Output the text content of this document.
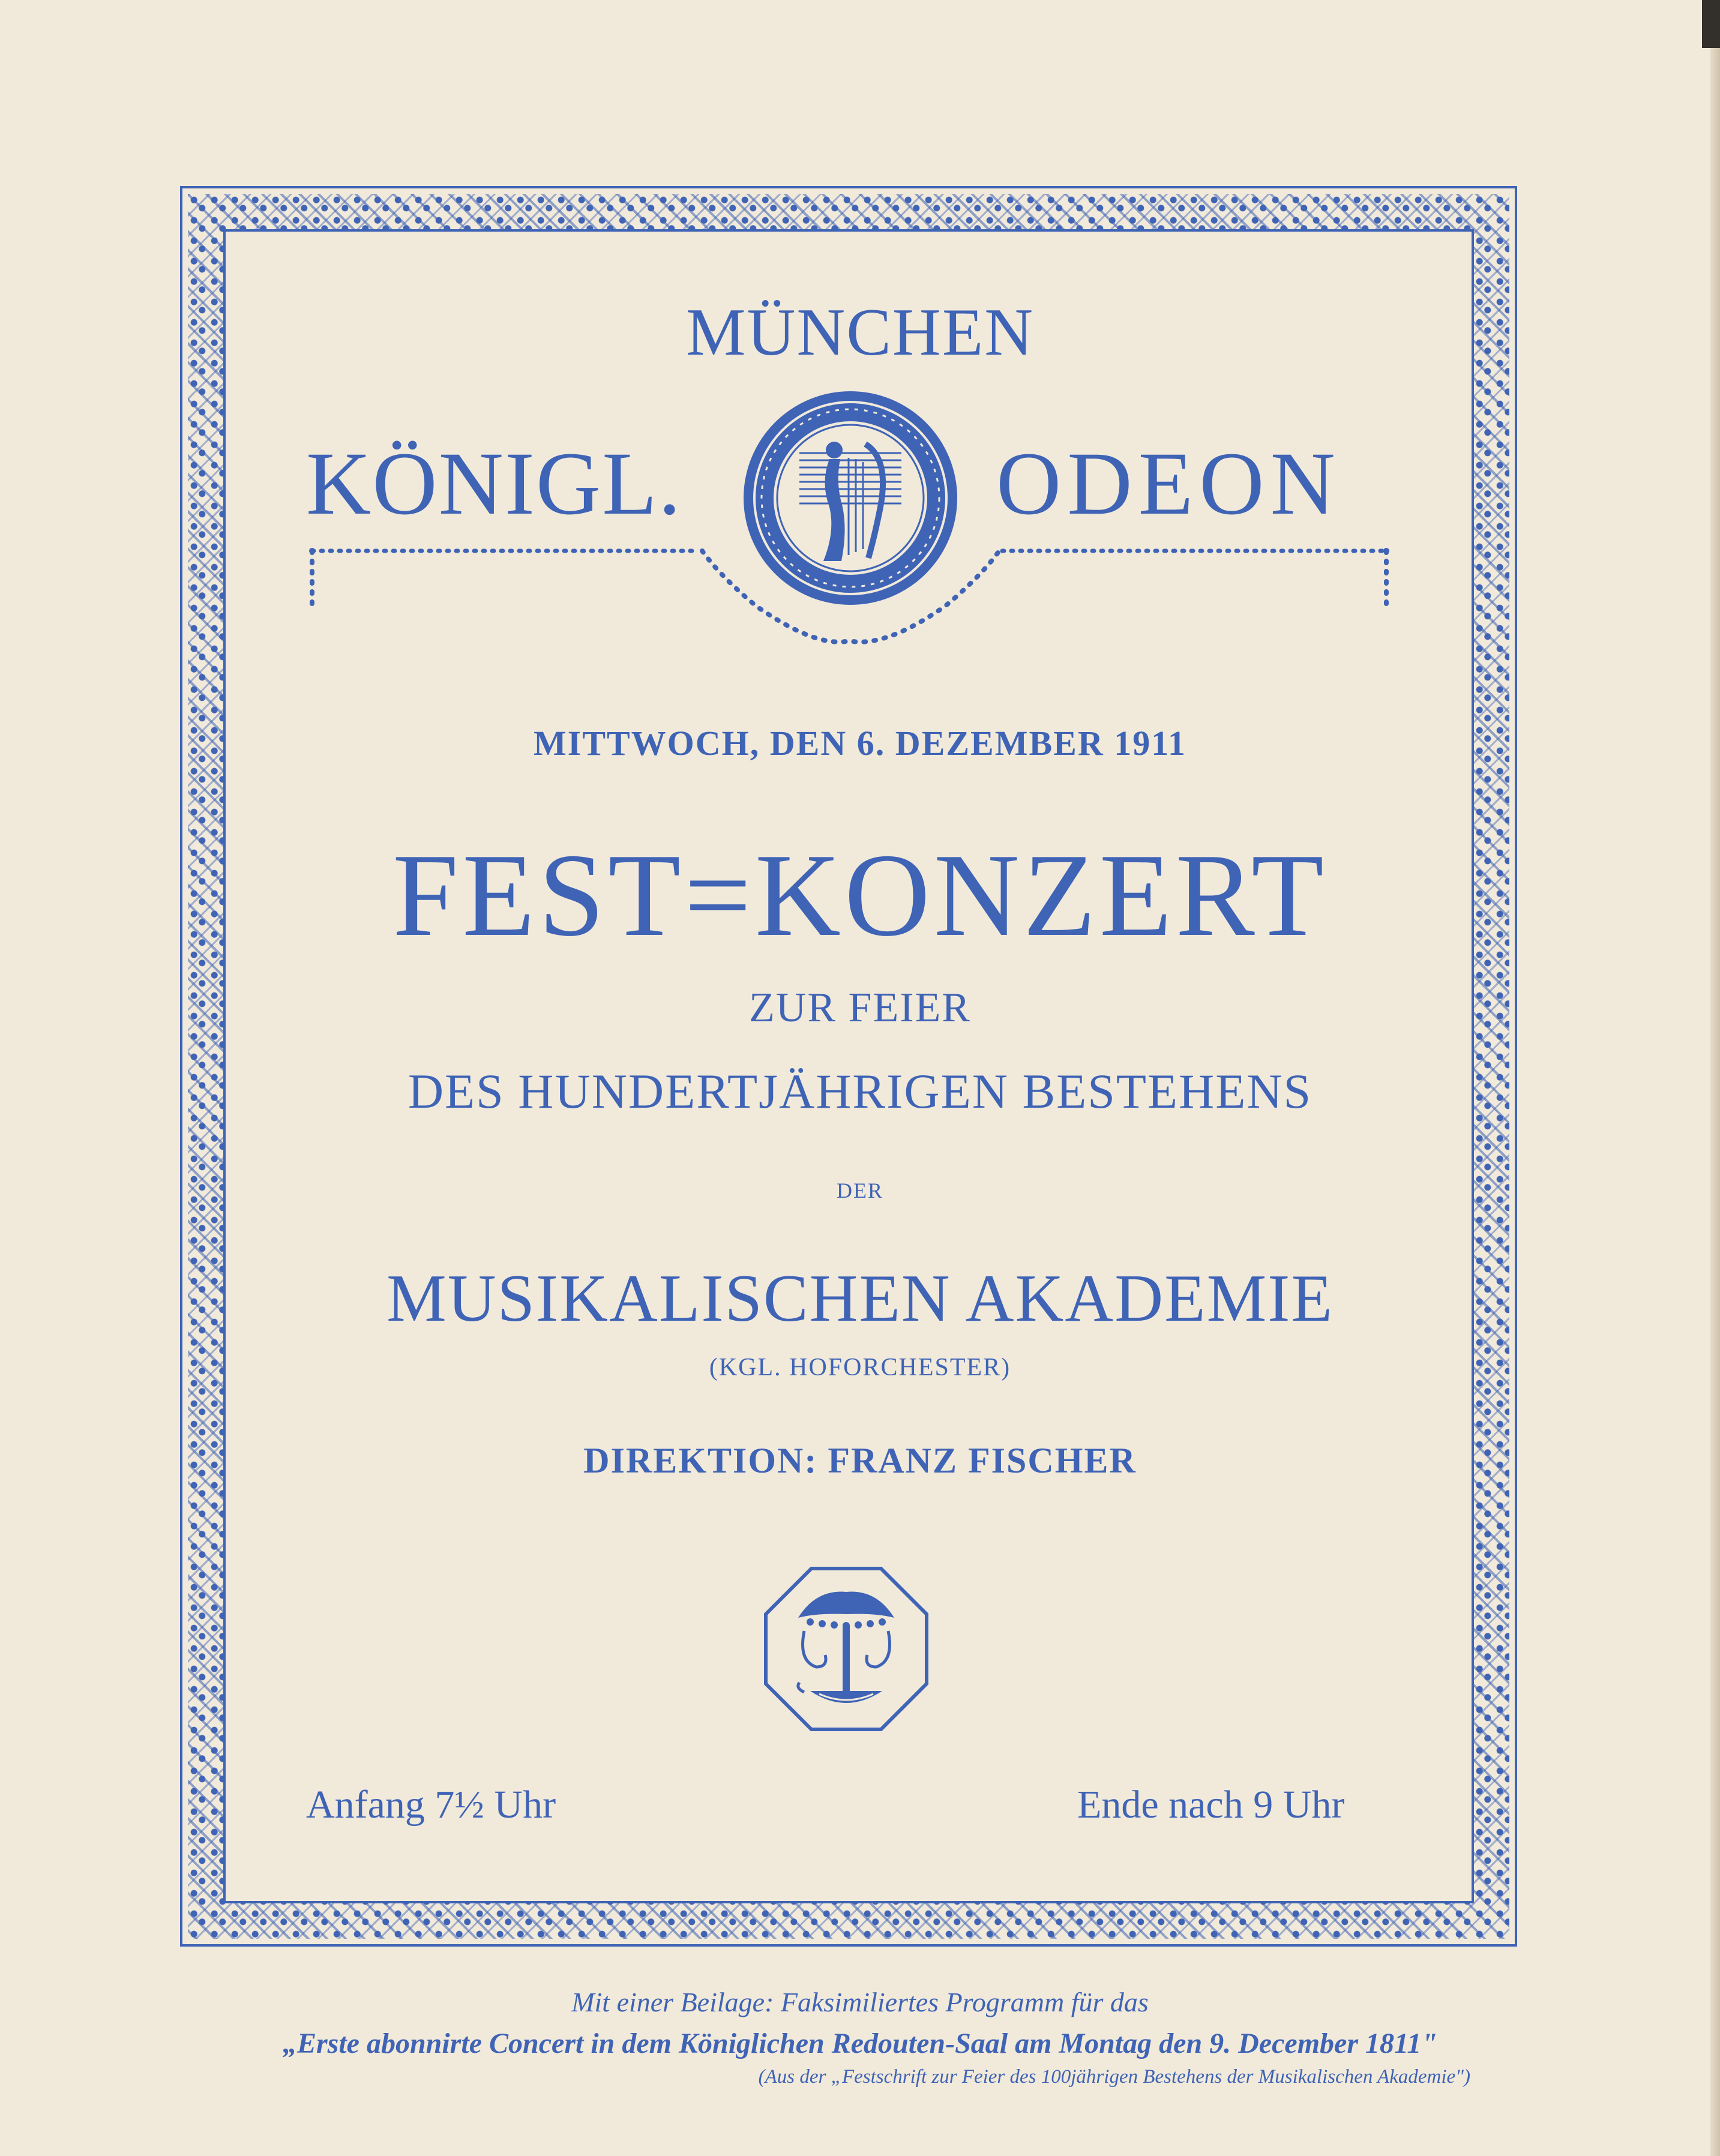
MÜNCHEN
KÖNIGL.	ODEON
MITTWOCH, DEN 6. DEZEMBER 1911
FEST=KONZERT
ZUR FEIER
DES HUNDERTJÄHRIGEN BESTEHENS
DER
MUSIKALISCHEN AKADEMIE
(KGL. HOFORCHESTER)
DIREKTION: FRANZ FISCHER
Anfang 7½ Uhr	Ende nach 9 Uhr
Mit einer Beilage: Faksimiliertes Programm für das
„Erste abonnirte Concert in dem Königlichen Redouten-Saal am Montag den 9. December 1811"
(Aus der „Festschrift zur Feier des 100jährigen Bestehens der Musikalischen Akademie")
